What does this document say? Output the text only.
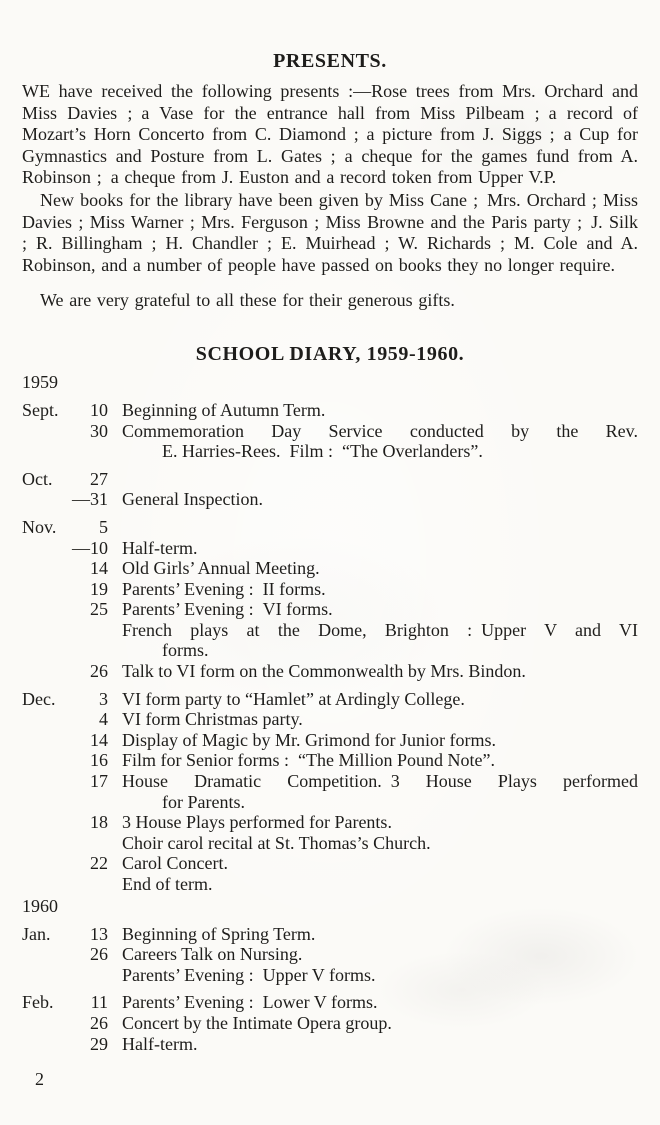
PRESENTS.

WE have received the following presents :—Rose trees from Mrs. Orchard and Miss Davies ; a Vase for the entrance hall from Miss Pilbeam ; a record of Mozart’s Horn Concerto from C. Diamond ; a picture from J. Siggs ; a Cup for Gymnastics and Posture from L. Gates ; a cheque for the games fund from A. Robinson ; a cheque from J. Euston and a record token from Upper V.P.

New books for the library have been given by Miss Cane ; Mrs. Orchard ; Miss Davies ; Miss Warner ; Mrs. Ferguson ; Miss Browne and the Paris party ; J. Silk ; R. Billingham ; H. Chandler ; E. Muirhead ; W. Richards ; M. Cole and A. Robinson, and a number of people have passed on books they no longer require.

We are very grateful to all these for their generous gifts.

SCHOOL DIARY, 1959-1960.
1959
Sept.	10 Beginning of Autumn Term.
30 Commemoration Day Service conducted by the Rev.
E. Harries-Rees. Film : “The Overlanders”.
Oct.	27
—31 General Inspection.
Nov.	5
—10 Half-term.
14 Old Girls’ Annual Meeting.
19 Parents’ Evening : II forms.
25 Parents’ Evening : VI forms.
French plays at the Dome, Brighton : Upper V and VI
forms.
26 Talk to VI form on the Commonwealth by Mrs. Bindon.
Dec.	3 VI form party to “Hamlet” at Ardingly College.
4 VI form Christmas party.
14 Display of Magic by Mr. Grimond for Junior forms.
16 Film for Senior forms : “The Million Pound Note”.
17 House Dramatic Competition. 3 House Plays performed
for Parents.
18 3 House Plays performed for Parents.
Choir carol recital at St. Thomas’s Church.
22 Carol Concert.
End of term.
1960
Jan.	13 Beginning of Spring Term.
26 Careers Talk on Nursing.
Parents’ Evening : Upper V forms.
Feb.	11 Parents’ Evening : Lower V forms.
26 Concert by the Intimate Opera group.
29 Half-term.
2
